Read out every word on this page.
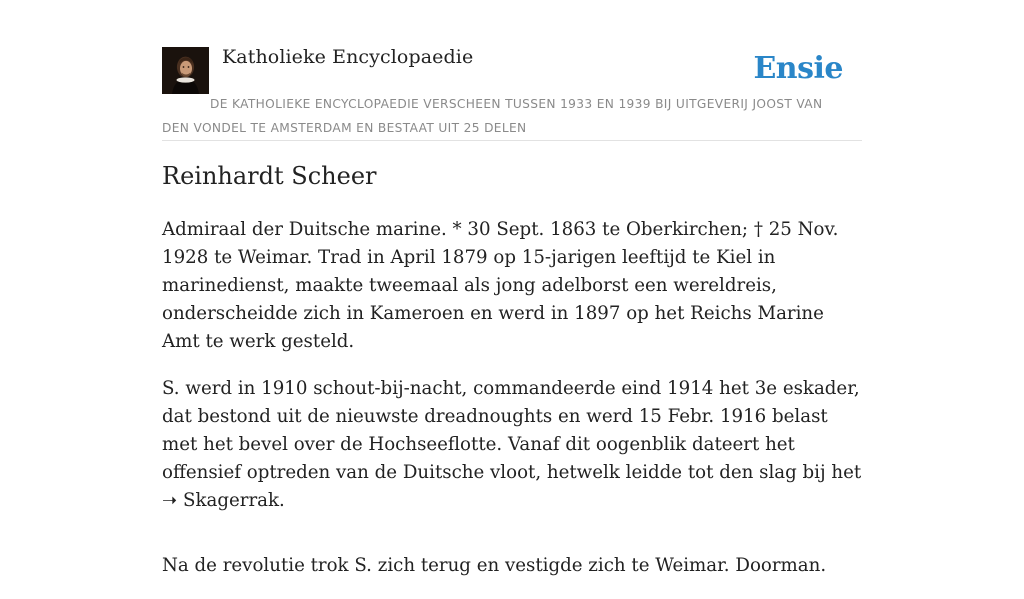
Katholieke Encyclopaedie	Ensie
DE KATHOLIEKE ENCYCLOPAEDIE VERSCHEEN TUSSEN 1933 EN 1939 BIJ UITGEVERIJ JOOST VAN DEN VONDEL TE AMSTERDAM EN BESTAAT UIT 25 DELEN
Reinhardt Scheer

Admiraal der Duitsche marine. * 30 Sept. 1863 te Oberkirchen; † 25 Nov. 1928 te Weimar. Trad in April 1879 op 15-jarigen leeftijd te Kiel in marinedienst, maakte tweemaal als jong adelborst een wereldreis, onderscheidde zich in Kameroen en werd in 1897 op het Reichs Marine Amt te werk gesteld.

S. werd in 1910 schout-bij-nacht, commandeerde eind 1914 het 3e eskader, dat bestond uit de nieuwste dreadnoughts en werd 15 Febr. 1916 belast met het bevel over de Hochseeflotte. Vanaf dit oogenblik dateert het offensief optreden van de Duitsche vloot, hetwelk leidde tot den slag bij het ➝ Skagerrak.

Na de revolutie trok S. zich terug en vestigde zich te Weimar. Doorman.
